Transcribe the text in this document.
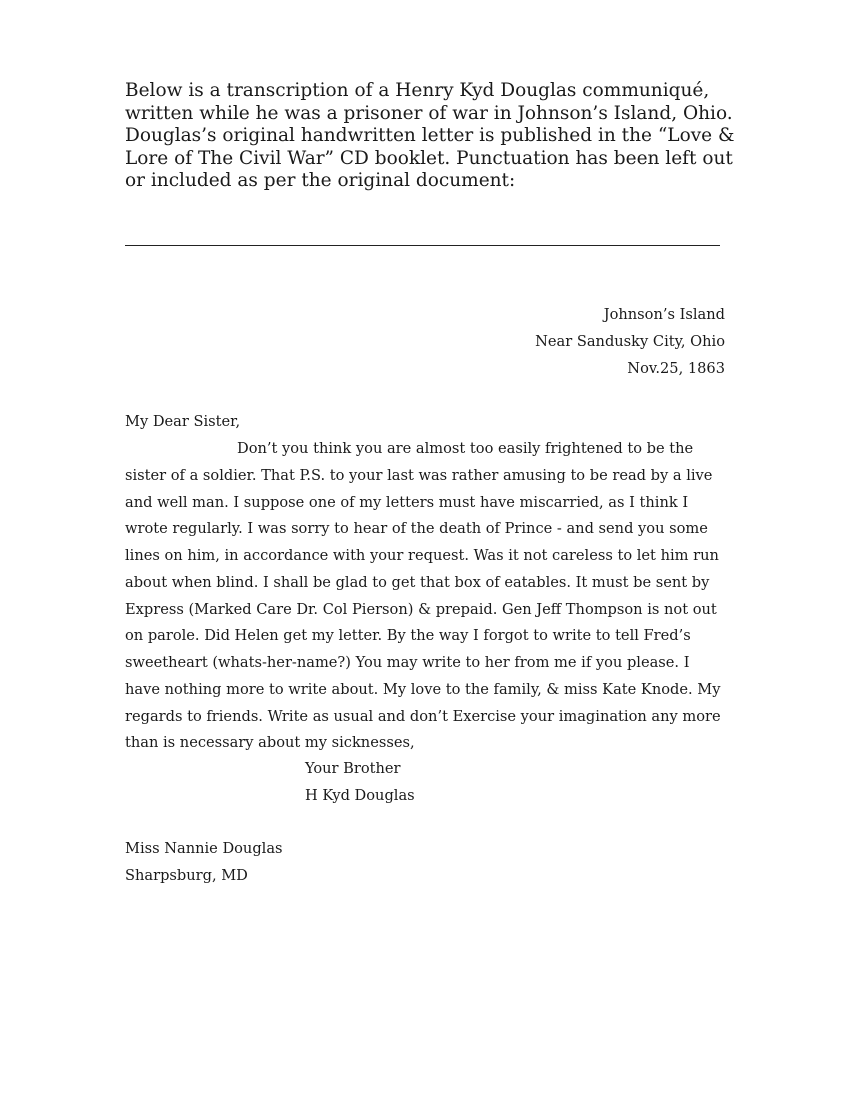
Below is a transcription of a Henry Kyd Douglas communiqué, written while he was a prisoner of war in Johnson’s Island, Ohio. Douglas’s original handwritten letter is published in the “Love & Lore of The Civil War” CD booklet. Punctuation has been left out or included as per the original document:

Johnson’s Island
Near Sandusky City, Ohio
Nov.25, 1863
My Dear Sister,

Don’t you think you are almost too easily frightened to be the sister of a soldier. That P.S. to your last was rather amusing to be read by a live and well man. I suppose one of my letters must have miscarried, as I think I wrote regularly. I was sorry to hear of the death of Prince - and send you some lines on him, in accordance with your request. Was it not careless to let him run about when blind. I shall be glad to get that box of eatables. It must be sent by Express (Marked Care Dr. Col Pierson) & prepaid. Gen Jeff Thompson is not out on parole. Did Helen get my letter. By the way I forgot to write to tell Fred’s sweetheart (whats-her-name?) You may write to her from me if you please. I have nothing more to write about. My love to the family, & miss Kate Knode. My regards to friends. Write as usual and don’t Exercise your imagination any more than is necessary about my sicknesses,

Your Brother
H Kyd Douglas
Miss Nannie Douglas
Sharpsburg, MD
